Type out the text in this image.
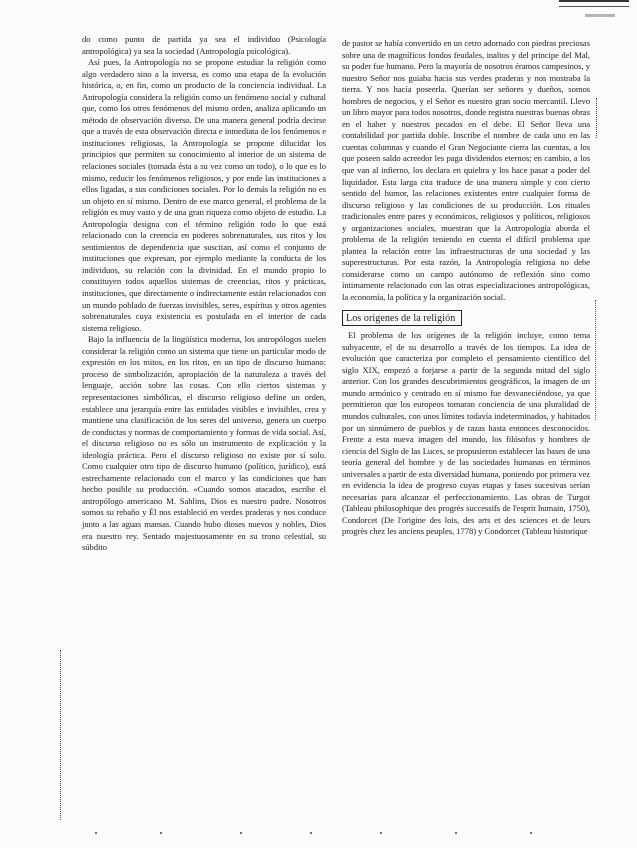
do como punto de partida ya sea el individuo (Psicología antropológica) ya sea la sociedad (Antropología psicológica).

Así pues, la Antropología no se propone estudiar la religión como algo verdadero sino a la inversa, es como una etapa de la evolución histórica, o, en fin, como un producto de la conciencia individual. La Antropología considera la religión como un fenómeno social y cultural que, como los otros fenómenos del mismo orden, analiza aplicando un método de observación diverso. De una manera general podría decirse que a través de esta observación directa e inmediata de los fenómenos e instituciones religiosas, la Antropología se propone dilucidar los principios que permiten su conocimiento al interior de un sistema de relaciones sociales (tomada ésta a su vez como un todo), o lo que es lo mismo, reducir los fenómenos religiosos, y por ende las instituciones a ellos ligadas, a sus condiciones sociales. Por lo demás la religión no es un objeto en sí mismo. Dentro de ese marco general, el problema de la religión es muy vasto y de una gran riqueza como objeto de estudio. La Antropología designa con el término religión todo lo que está relacionado con la creencia en poderes sobrenaturales, sus ritos y los sentimientos de dependencia que suscitan, así como el conjunto de instituciones que expresan, por ejemplo mediante la conducta de los individuos, su relación con la divinidad. En el mundo propio lo constituyen todos aquellos sistemas de creencias, ritos y prácticas, instituciones, que directamente o indirectamente están relacionados con un mundo poblado de fuerzas invisibles, seres, espíritus y otros agentes sobrenaturales cuya existencia es postulada en el interior de cada sistema religioso.

Bajo la influencia de la lingüística moderna, los antropólogos suelen considerar la religión como un sistema que tiene un particular modo de expresión en los mitos, en los ritos, en un tipo de discurso humano: proceso de simbolización, apropiación de la naturaleza a través del lenguaje, acción sobre las cosas. Con ello ciertos sistemas y representaciones simbólicas, el discurso religioso define un orden, establece una jerarquía entre las entidades visibles e invisibles, crea y mantiene una clasificación de los seres del universo, genera un cuerpo de conductas y normas de comportamiento y formas de vida social. Así, el discurso religioso no es sólo un instrumento de explicación y la ideología práctica. Pero el discurso religioso no existe por sí solo. Como cualquier otro tipo de discurso humano (político, jurídico), está estrechamente relacionado con el marco y las condiciones que han hecho posible su producción. «Cuando somos atacados, escribe el antropólogo americano M. Sahlins, Dios es nuestro padre. Nosotros somos su rebaño y Él nos estableció en verdes praderas y nos conduce junto a las aguas mansas. Cuando hubo dioses nuevos y nobles, Dios era nuestro rey. Sentado majestuosamente en su trono celestial, su súbdito

de pastor se había convertido en un cetro adornado con piedras preciosas sobre una de magníficos fondos feudales, inaltos y del principe del Mal, su poder fue humano. Pero la mayoría de nosotros éramos campesinos, y nuestro Señor nos guiaba hacia sus verdes praderas y nos mostraba la tierra. Y nos hacía poseerla. Querían ser señores y dueños, somos hombres de negocios, y el Señor es nuestro gran socio mercantil. Llevo un libro mayor para todos nosotros, donde registra nuestras buenas obras en el haber y nuestros pecados en el debe. El Señor lleva una contabilidad por partida doble. Inscribe el nombre de cada uno en las cuentas columnas y cuando el Gran Negociante cierra las cuentas, a los que poseen saldo acreedor les paga dividendos eternos; en cambio, a los que van al infierno, los declara en quiebra y los hace pasar a poder del liquidador. Esta larga cita traduce de una manera simple y con cierto sentido del humor, las relaciones existentes entre cualquier forma de discurso religioso y las condiciones de su producción. Los rituales tradicionales entre pares y económicos, religiosos y políticos, religiosos y organizaciones sociales, muestran que la Antropología aborda el problema de la religión teniendo en cuenta el difícil problema que plantea la relación entre las infraestructuras de una sociedad y las superestructuras. Por esta razón, la Antropología religiosa no debe considerarse como un campo autónomo de reflexión sino como íntimamente relacionado con las otras especializaciones antropológicas, la economía, la política y la organización social.

Los orígenes de la religión

El problema de los orígenes de la religión incluye, como tema subyacente, el de su desarrollo a través de los tiempos. La idea de evolución que caracteriza por completo el pensamiento científico del siglo XIX, empezó a forjarse a partir de la segunda mitad del siglo anterior. Con los grandes descubrimientos geográficos, la imagen de un mundo armónico y centrado en sí mismo fue desvaneciéndose, ya que permitieron que los europeos tomaran conciencia de una pluralidad de mundos culturales, con unos límites todavía indeterminados, y habitados por un sinnúmero de pueblos y de razas hasta entonces desconocidos. Frente a esta nueva imagen del mundo, los filósofos y hombres de ciencia del Siglo de las Luces, se propusieron establecer las bases de una teoría general del hombre y de las sociedades humanas en términos universales a partir de esta diversidad humana, poniendo por primera vez en evidencia la idea de progreso cuyas etapas y fases sucesivas serían necesarias para alcanzar el perfeccionamiento. Las obras de Turgot (Tableau philosophique des progrès successifs de l'esprit humain, 1750), Condorcet (De l'origine des lois, des arts et des sciences et de leurs progrès chez les anciens peuples, 1778) y Condorcet (Tableau historique
